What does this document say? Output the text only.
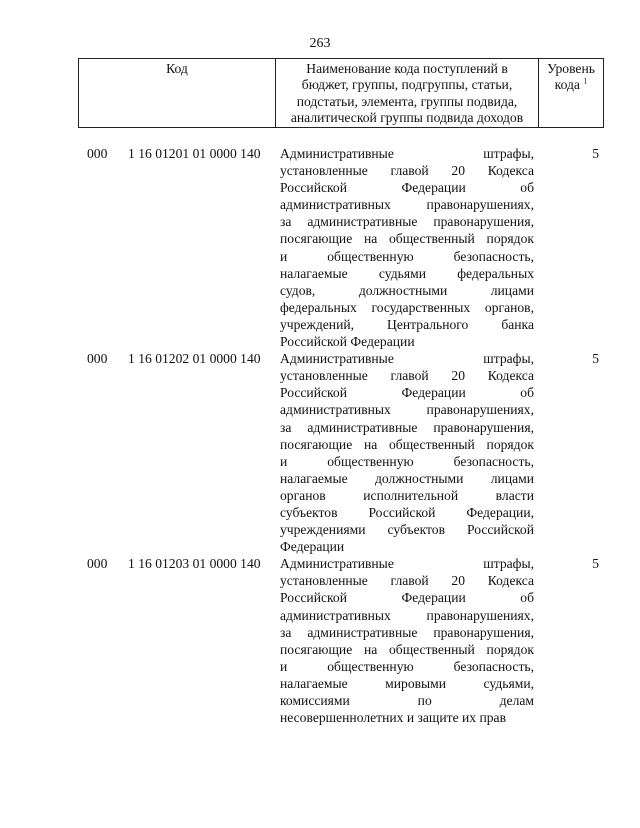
263
Код	Наименование кода поступлений в
бюджет, группы, подгруппы, статьи,
подстатьи, элемента, группы подвида,
аналитической группы подвида доходов
Уровень
кода $^1$
000	1 16 01201 01 0000 140	Административные штрафы,
установленные главой 20 Кодекса
Российской Федерации об
административных правонарушениях,
за административные правонарушения,
посягающие на общественный порядок
и общественную безопасность,
налагаемые судьями федеральных
судов, должностными лицами
федеральных государственных органов,
учреждений, Центрального банка
Российской Федерации
5
000	1 16 01202 01 0000 140	Административные штрафы,
установленные главой 20 Кодекса
Российской Федерации об
административных правонарушениях,
за административные правонарушения,
посягающие на общественный порядок
и общественную безопасность,
налагаемые должностными лицами
органов исполнительной власти
субъектов Российской Федерации,
учреждениями субъектов Российской
Федерации
5
000	1 16 01203 01 0000 140	Административные штрафы,
установленные главой 20 Кодекса
Российской Федерации об
административных правонарушениях,
за административные правонарушения,
посягающие на общественный порядок
и общественную безопасность,
налагаемые мировыми судьями,
комиссиями по делам
несовершеннолетних и защите их прав
5
